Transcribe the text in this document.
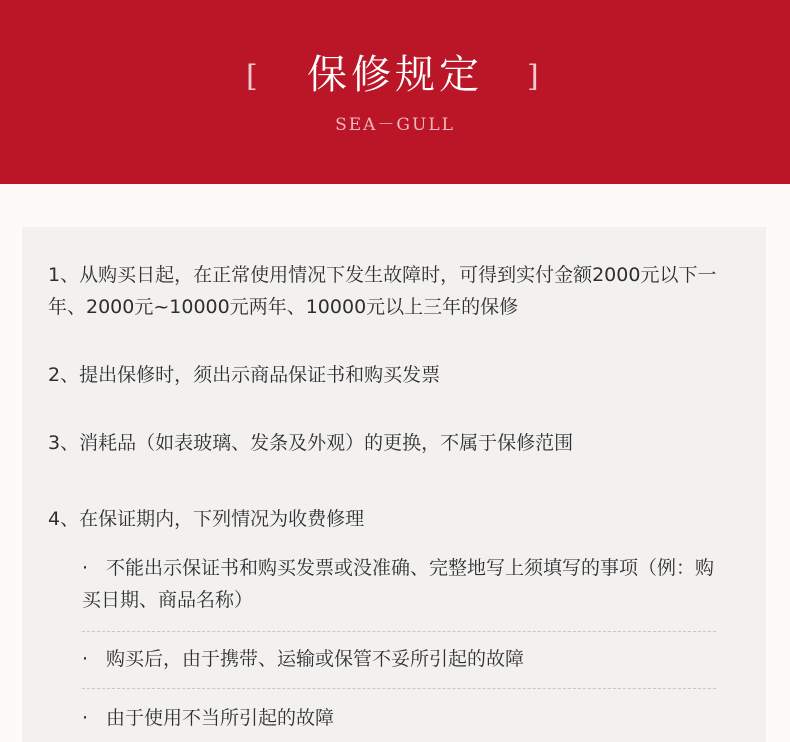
[	保修规定	]
SEA－GULL
1、从购买日起，在正常使用情况下发生故障时，可得到实付金额2000元以下一年、2000元~10000元两年、10000元以上三年的保修
2、提出保修时，须出示商品保证书和购买发票
3、消耗品（如表玻璃、发条及外观）的更换，不属于保修范围
4、在保证期内，下列情况为收费修理
· 不能出示保证书和购买发票或没准确、完整地写上须填写的事项（例：购买日期、商品名称）
· 购买后，由于携带、运输或保管不妥所引起的故障
· 由于使用不当所引起的故障
